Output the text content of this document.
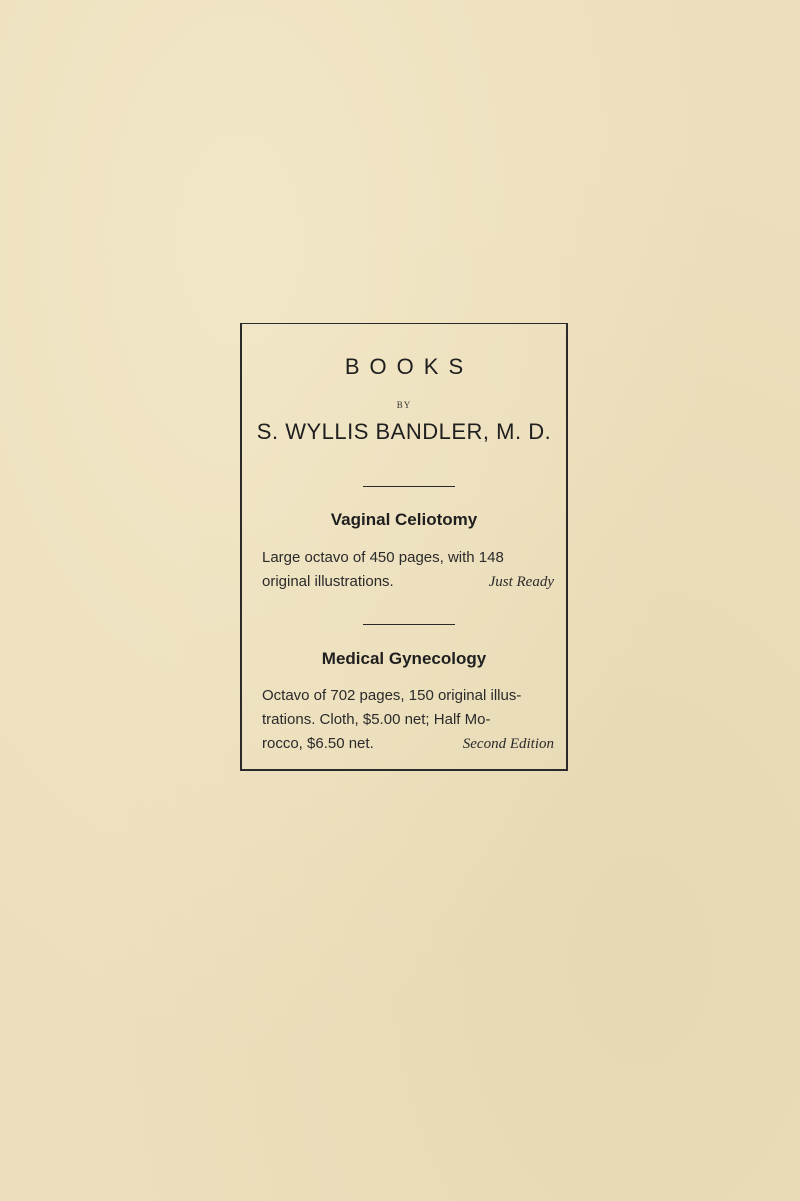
BOOKS
BY
S. WYLLIS BANDLER, M. D.
Vaginal Celiotomy
Large octavo of 450 pages, with 148
original illustrations.	Just Ready
Medical Gynecology
Octavo of 702 pages, 150 original illus-
trations. Cloth, $5.00 net; Half Mo-
rocco, $6.50 net.	Second Edition
